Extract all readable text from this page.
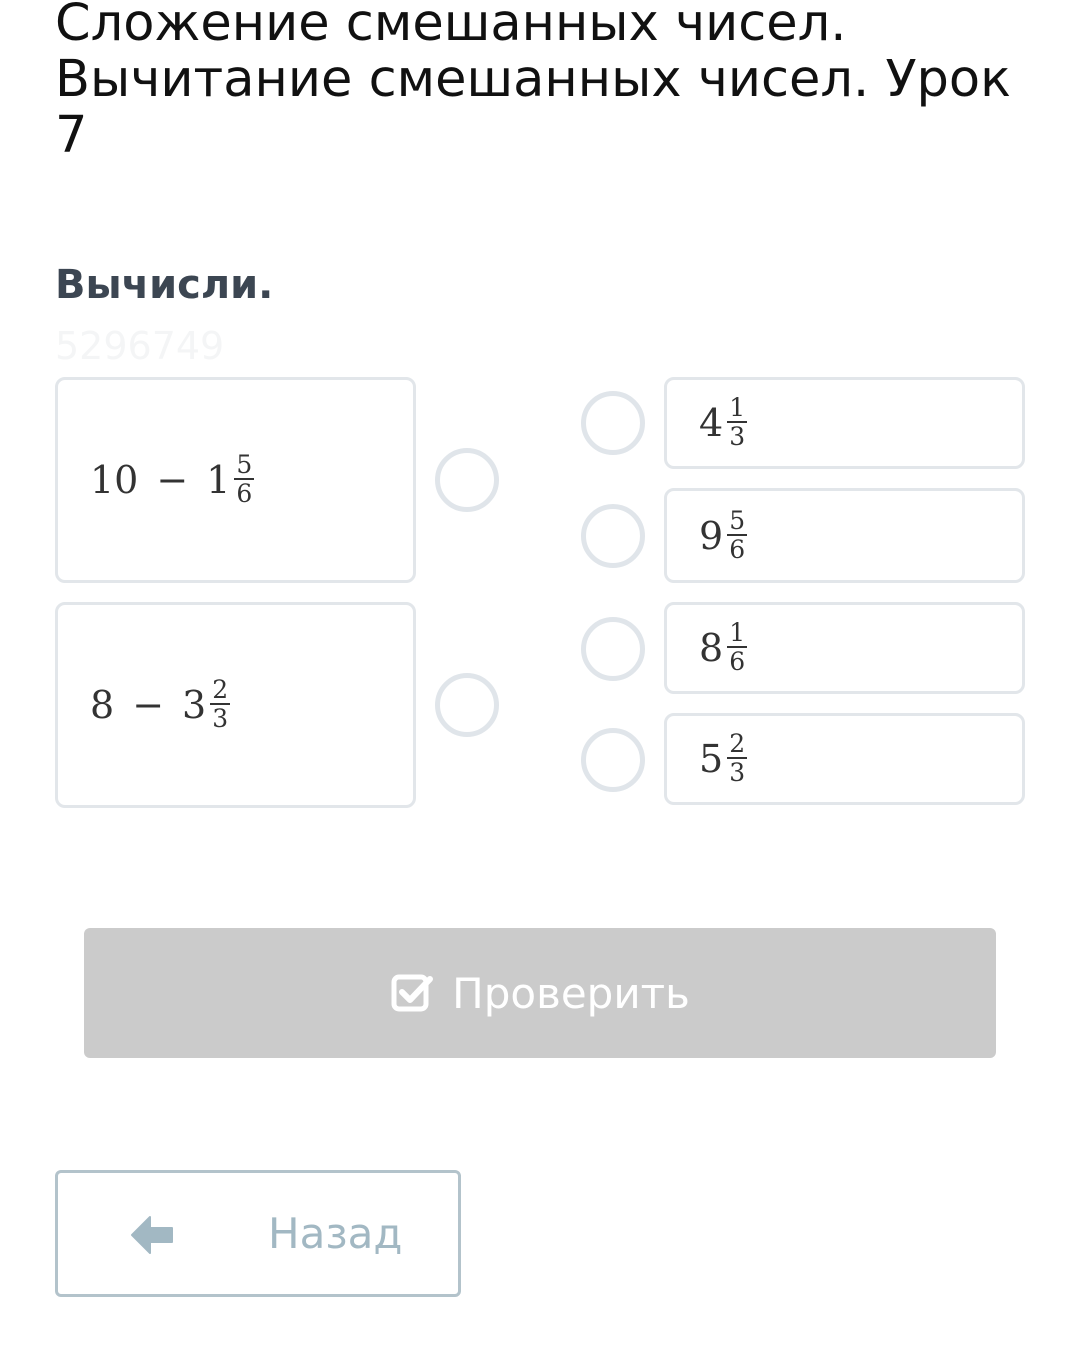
Сложение смешанных чисел. Вычитание смешанных чисел. Урок 7
Вычисли.
5296749
$10 - 1 \frac{5}{6}$
$8 - 3 \frac{2}{3}$
$4 \frac{1}{3}$
$9 \frac{5}{6}$
$8 \frac{1}{6}$
$5 \frac{2}{3}$
Проверить
Назад
